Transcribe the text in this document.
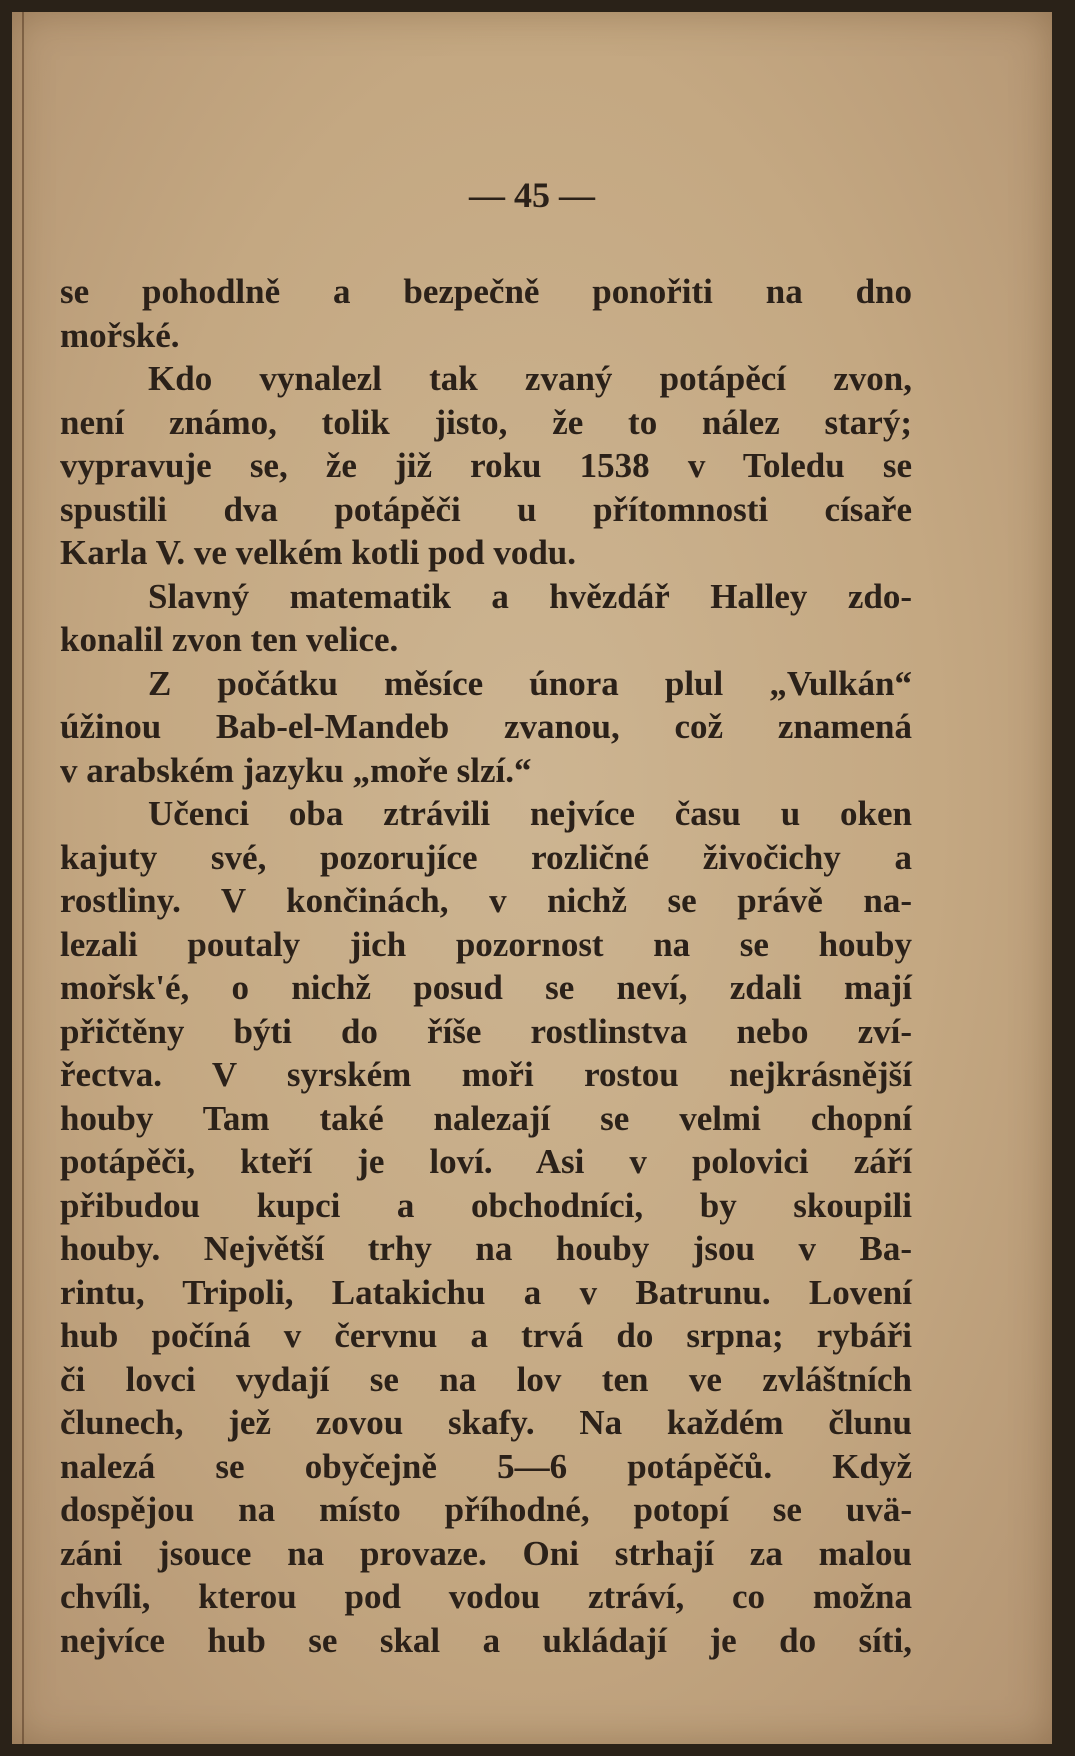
— 45 —

se pohodlně a bezpečně ponořiti na dno
mořské.
Kdo vynalezl tak zvaný potápěcí zvon,
není známo, tolik jisto, že to nález starý;
vypravuje se, že již roku 1538 v Toledu se
spustili dva potápěči u přítomnosti císaře
Karla V. ve velkém kotli pod vodu.
Slavný matematik a hvězdář Halley zdo-
konalil zvon ten velice.
Z počátku měsíce února plul „Vulkán“
úžinou Bab-el-Mandeb zvanou, což znamená
v arabském jazyku „moře slzí.“
Učenci oba ztrávili nejvíce času u oken
kajuty své, pozorujíce rozličné živočichy a
rostliny. V končinách, v nichž se právě na-
lezali poutaly jich pozornost na se houby
mořsk'é, o nichž posud se neví, zdali mají
přičtěny býti do říše rostlinstva nebo zví-
řectva. V syrském moři rostou nejkrásnější
houby Tam také nalezají se velmi chopní
potápěči, kteří je loví. Asi v polovici září
přibudou kupci a obchodníci, by skoupili
houby. Největší trhy na houby jsou v Ba-
rintu, Tripoli, Latakichu a v Batrunu. Lovení
hub počíná v červnu a trvá do srpna; rybáři
či lovci vydají se na lov ten ve zvláštních
člunech, jež zovou skafy. Na každém člunu
nalezá se obyčejně 5—6 potápěčů. Když
dospějou na místo příhodné, potopí se uvä-
záni jsouce na provaze. Oni strhají za malou
chvíli, kterou pod vodou ztráví, co možna
nejvíce hub se skal a ukládají je do síti,
